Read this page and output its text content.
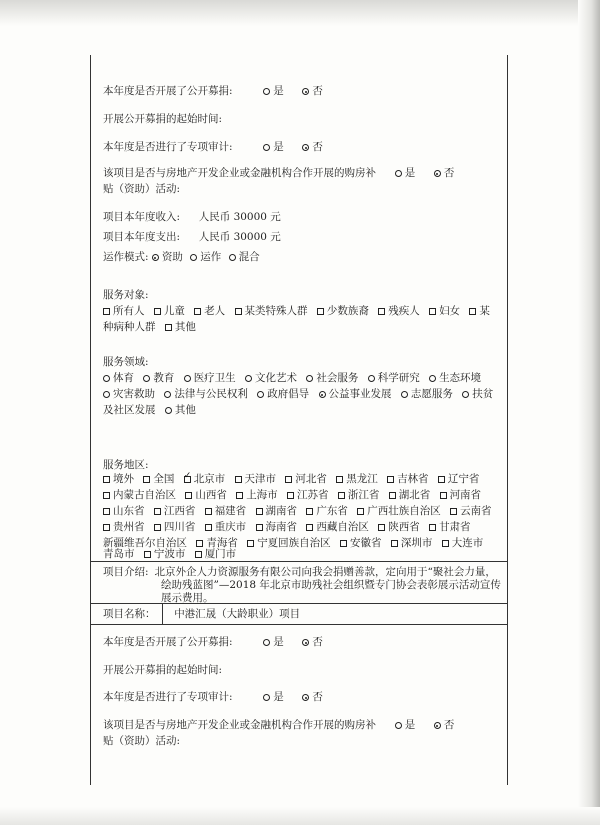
本年度是否开展了公开募捐:	是	否
开展公开募捐的起始时间:
本年度是否进行了专项审计:	是	否
该项目是否与房地产开发企业或金融机构合作开展的购房补	是	否
贴（资助）活动:
项目本年度收入: 人民币 30000 元
项目本年度支出: 人民币 30000 元
运作模式: 资助 运作 混合
服务对象:
所有人 儿童 老人 某类特殊人群 少数族裔 残疾人 妇女 某
种病种人群 其他
服务领域:
体育 教育 医疗卫生 文化艺术 社会服务 科学研究 生态环境
灾害救助 法律与公民权利 政府倡导 公益事业发展 志愿服务 扶贫
及社区发展 其他
服务地区:
境外 全国 ✓ 北京市 天津市 河北省 黑龙江 吉林省 辽宁省
内蒙古自治区 山西省 上海市 江苏省 浙江省 湖北省 河南省
山东省 江西省 福建省 湖南省 广东省 广西壮族自治区 云南省
贵州省 四川省 重庆市 海南省 西藏自治区 陕西省 甘肃省
新疆维吾尔自治区 青海省 宁夏回族自治区 安徽省 深圳市 大连市
青岛市 宁波市 厦门市
项目介绍: 北京外企人力资源服务有限公司向我会捐赠善款，定向用于“聚社会力量，
绘助残蓝图”—2018 年北京市助残社会组织暨专门协会表彰展示活动宣传
展示费用。
项目名称： 中港汇晟（大龄职业）项目
本年度是否开展了公开募捐:	是	否
开展公开募捐的起始时间:
本年度是否进行了专项审计:	是	否
该项目是否与房地产开发企业或金融机构合作开展的购房补	是	否
贴（资助）活动:
